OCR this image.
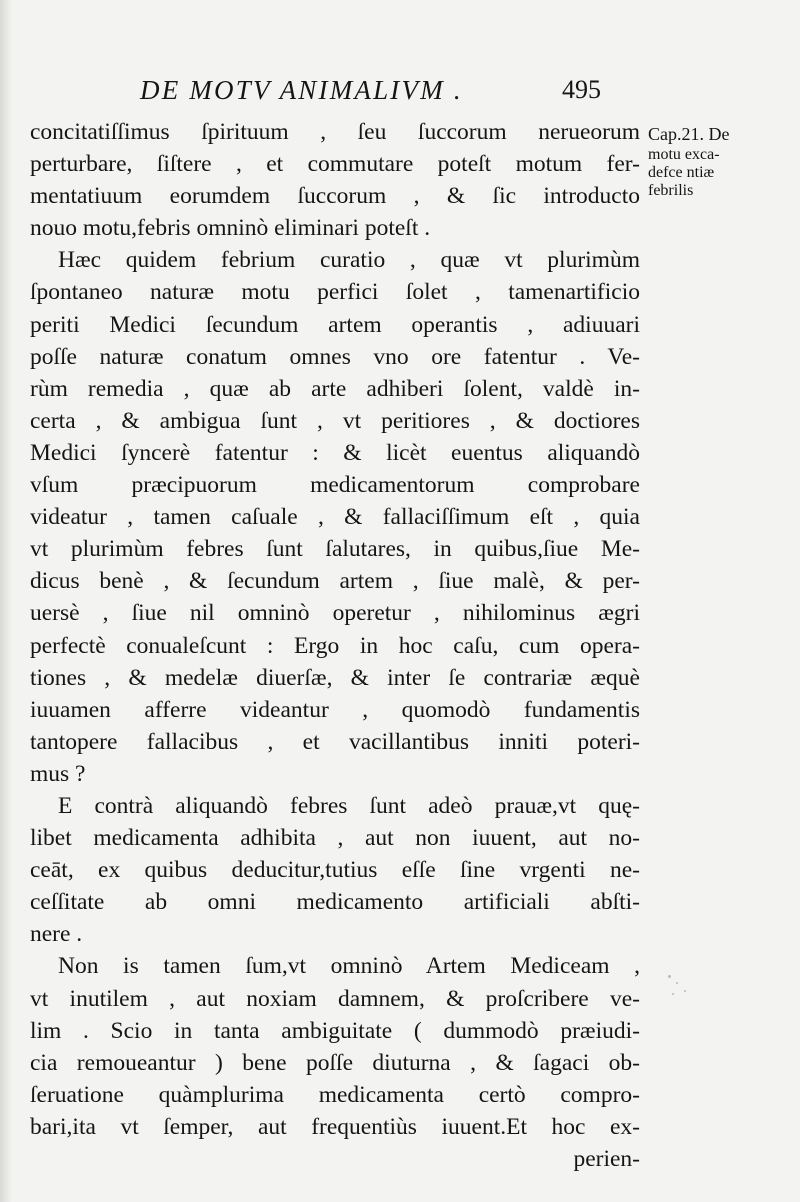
DE MOTV ANIMALIVM .	495
Cap.21. De
motu exca-
defce ntiæ
febrilis
concitatiſſimus ſpirituum , ſeu ſuccorum nerueorum
perturbare, ſiſtere , et commutare poteſt motum fer-
mentatiuum eorumdem ſuccorum , & ſic introducto
nouo motu,febris omninò eliminari poteſt .
Hæc quidem febrium curatio , quæ vt plurimùm
ſpontaneo naturæ motu perfici ſolet , tamenartificio
periti Medici ſecundum artem operantis , adiuuari
poſſe naturæ conatum omnes vno ore fatentur . Ve-
rùm remedia , quæ ab arte adhiberi ſolent, valdè in-
certa , & ambigua ſunt , vt peritiores , & doctiores
Medici ſyncerè fatentur : & licèt euentus aliquandò
vſum præcipuorum medicamentorum comprobare
videatur , tamen caſuale , & fallaciſſimum eſt , quia
vt plurimùm febres ſunt ſalutares, in quibus,ſiue Me-
dicus benè , & ſecundum artem , ſiue malè, & per-
uersè , ſiue nil omninò operetur , nihilominus ægri
perfectè conualeſcunt : Ergo in hoc caſu, cum opera-
tiones , & medelæ diuerſæ, & inter ſe contrariæ æquè
iuuamen afferre videantur , quomodò fundamentis
tantopere fallacibus , et vacillantibus inniti poteri-
mus ?
E contrà aliquandò febres ſunt adeò prauæ,vt quę-
libet medicamenta adhibita , aut non iuuent, aut no-
ceāt, ex quibus deducitur,tutius eſſe ſine vrgenti ne-
ceſſitate ab omni medicamento artificiali abſti-
nere .
Non is tamen ſum,vt omninò Artem Mediceam ,
vt inutilem , aut noxiam damnem, & proſcribere ve-
lim . Scio in tanta ambiguitate ( dummodò præiudi-
cia remoueantur ) bene poſſe diuturna , & ſagaci ob-
ſeruatione quàmplurima medicamenta certò compro-
bari,ita vt ſemper, aut frequentiùs iuuent.Et hoc ex-
perien-
